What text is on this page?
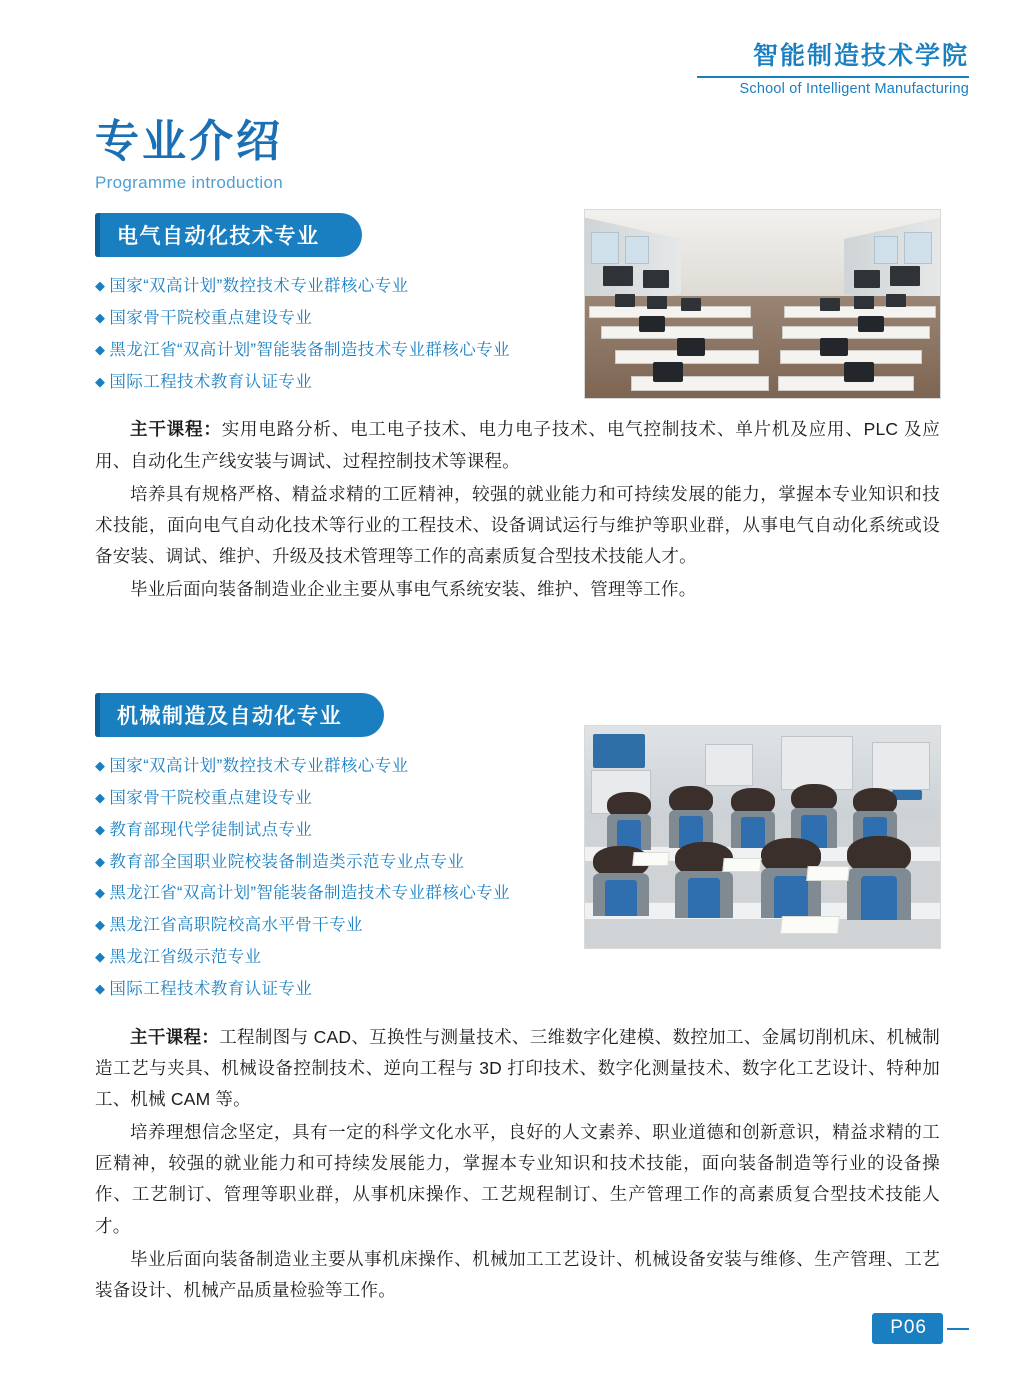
智能制造技术学院
School of Intelligent Manufacturing
专业介绍
Programme introduction
电气自动化技术专业
◆ 国家“双高计划”数控技术专业群核心专业
◆ 国家骨干院校重点建设专业
◆ 黑龙江省“双高计划”智能装备制造技术专业群核心专业
◆ 国际工程技术教育认证专业

主干课程：实用电路分析、电工电子技术、电力电子技术、电气控制技术、单片机及应用、PLC 及应用、自动化生产线安装与调试、过程控制技术等课程。

培养具有规格严格、精益求精的工匠精神，较强的就业能力和可持续发展的能力，掌握本专业知识和技术技能，面向电气自动化技术等行业的工程技术、设备调试运行与维护等职业群，从事电气自动化系统或设备安装、调试、维护、升级及技术管理等工作的高素质复合型技术技能人才。

毕业后面向装备制造业企业主要从事电气系统安装、维护、管理等工作。

机械制造及自动化专业
◆ 国家“双高计划”数控技术专业群核心专业
◆ 国家骨干院校重点建设专业
◆ 教育部现代学徒制试点专业
◆ 教育部全国职业院校装备制造类示范专业点专业
◆ 黑龙江省“双高计划”智能装备制造技术专业群核心专业
◆ 黑龙江省高职院校高水平骨干专业
◆ 黑龙江省级示范专业
◆ 国际工程技术教育认证专业

主干课程：工程制图与 CAD、互换性与测量技术、三维数字化建模、数控加工、金属切削机床、机械制造工艺与夹具、机械设备控制技术、逆向工程与 3D 打印技术、数字化测量技术、数字化工艺设计、特种加工、机械 CAM 等。

培养理想信念坚定，具有一定的科学文化水平，良好的人文素养、职业道德和创新意识，精益求精的工匠精神，较强的就业能力和可持续发展能力，掌握本专业知识和技术技能，面向装备制造等行业的设备操作、工艺制订、管理等职业群，从事机床操作、工艺规程制订、生产管理工作的高素质复合型技术技能人才。

毕业后面向装备制造业主要从事机床操作、机械加工工艺设计、机械设备安装与维修、生产管理、工艺装备设计、机械产品质量检验等工作。

P06
